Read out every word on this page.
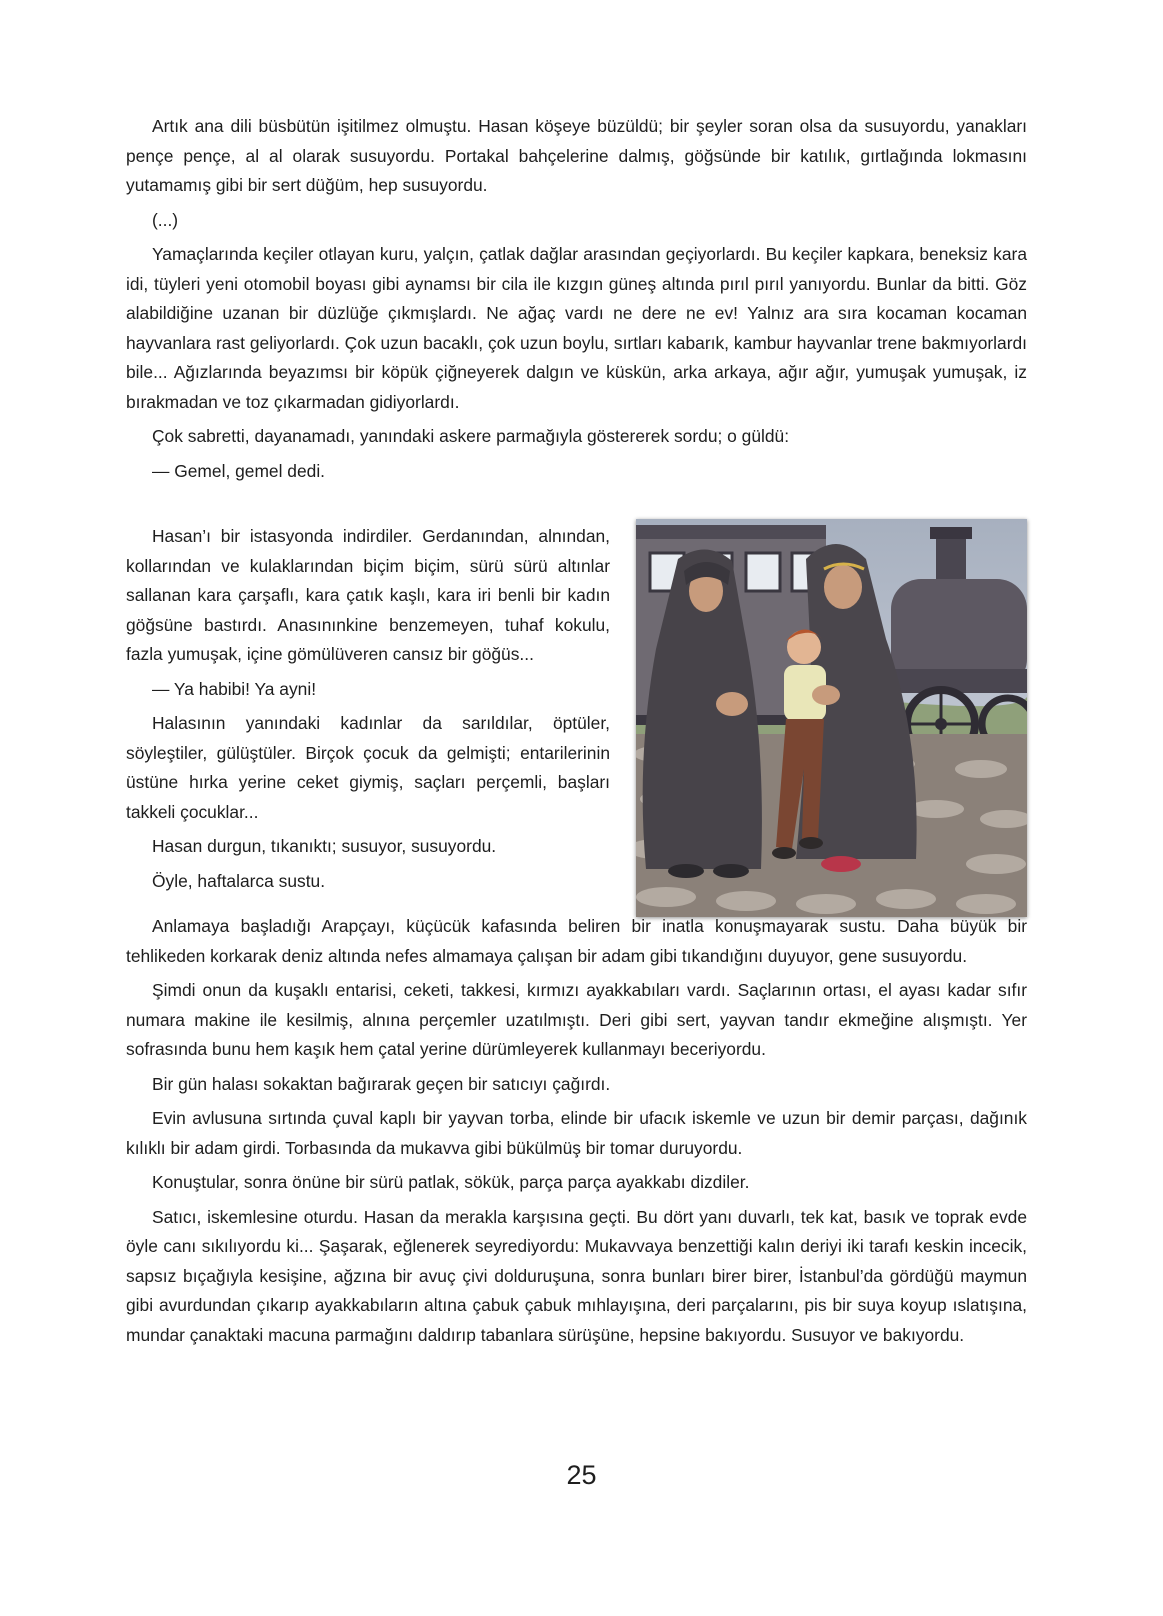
Artık ana dili büsbütün işitilmez olmuştu. Hasan köşeye büzüldü; bir şeyler soran olsa da susuyordu, yanakları pençe pençe, al al olarak susuyordu. Portakal bahçelerine dalmış, göğsünde bir katılık, gırtlağında lokmasını yutamamış gibi bir sert düğüm, hep susuyordu.

(...)

Yamaçlarında keçiler otlayan kuru, yalçın, çatlak dağlar arasından geçiyorlardı. Bu keçiler kapkara, beneksiz kara idi, tüyleri yeni otomobil boyası gibi aynamsı bir cila ile kızgın güneş altında pırıl pırıl yanıyordu. Bunlar da bitti. Göz alabildiğine uzanan bir düzlüğe çıkmışlardı. Ne ağaç vardı ne dere ne ev! Yalnız ara sıra kocaman kocaman hayvanlara rast geliyorlardı. Çok uzun bacaklı, çok uzun boylu, sırtları kabarık, kambur hayvanlar trene bakmıyorlardı bile... Ağızlarında beyazımsı bir köpük çiğneyerek dalgın ve küskün, arka arkaya, ağır ağır, yumuşak yumuşak, iz bırakmadan ve toz çıkarmadan gidiyorlardı.

Çok sabretti, dayanamadı, yanındaki askere parmağıyla göstererek sordu; o güldü:

— Gemel, gemel dedi.

Hasan’ı bir istasyonda indirdiler. Gerdanından, alnından, kollarından ve kulaklarından biçim biçim, sürü sürü altınlar sallanan kara çarşaflı, kara çatık kaşlı, kara iri benli bir kadın göğsüne bastırdı. Anasınınkine benzemeyen, tuhaf kokulu, fazla yumuşak, içine gömülüveren cansız bir göğüs...

— Ya habibi! Ya ayni!

Halasının yanındaki kadınlar da sarıldılar, öptüler, söyleştiler, gülüştüler. Birçok çocuk da gelmişti; entarilerinin üstüne hırka yerine ceket giymiş, saçları perçemli, başları takkeli çocuklar...

Hasan durgun, tıkanıktı; susuyor, susuyordu.

Öyle, haftalarca sustu.

Anlamaya başladığı Arapçayı, küçücük kafasında beliren bir inatla konuşmayarak sustu. Daha büyük bir tehlikeden korkarak deniz altında nefes almamaya çalışan bir adam gibi tıkandığını duyuyor, gene susuyordu.

Şimdi onun da kuşaklı entarisi, ceketi, takkesi, kırmızı ayakkabıları vardı. Saçlarının ortası, el ayası kadar sıfır numara makine ile kesilmiş, alnına perçemler uzatılmıştı. Deri gibi sert, yayvan tandır ekmeğine alışmıştı. Yer sofrasında bunu hem kaşık hem çatal yerine dürümleyerek kullanmayı beceriyordu.

Bir gün halası sokaktan bağırarak geçen bir satıcıyı çağırdı.

Evin avlusuna sırtında çuval kaplı bir yayvan torba, elinde bir ufacık iskemle ve uzun bir demir parçası, dağınık kılıklı bir adam girdi. Torbasında da mukavva gibi bükülmüş bir tomar duruyordu.

Konuştular, sonra önüne bir sürü patlak, sökük, parça parça ayakkabı dizdiler.

Satıcı, iskemlesine oturdu. Hasan da merakla karşısına geçti. Bu dört yanı duvarlı, tek kat, basık ve toprak evde öyle canı sıkılıyordu ki... Şaşarak, eğlenerek seyrediyordu: Mukavvaya benzettiği kalın deriyi iki tarafı keskin incecik, sapsız bıçağıyla kesişine, ağzına bir avuç çivi dolduruşuna, sonra bunları birer birer, İstanbul’da gördüğü maymun gibi avurdundan çıkarıp ayakkabıların altına çabuk çabuk mıhlayışına, deri parçalarını, pis bir suya koyup ıslatışına, mundar çanaktaki macuna parmağını daldırıp tabanlara sürüşüne, hepsine bakıyordu. Susuyor ve bakıyordu.

25
